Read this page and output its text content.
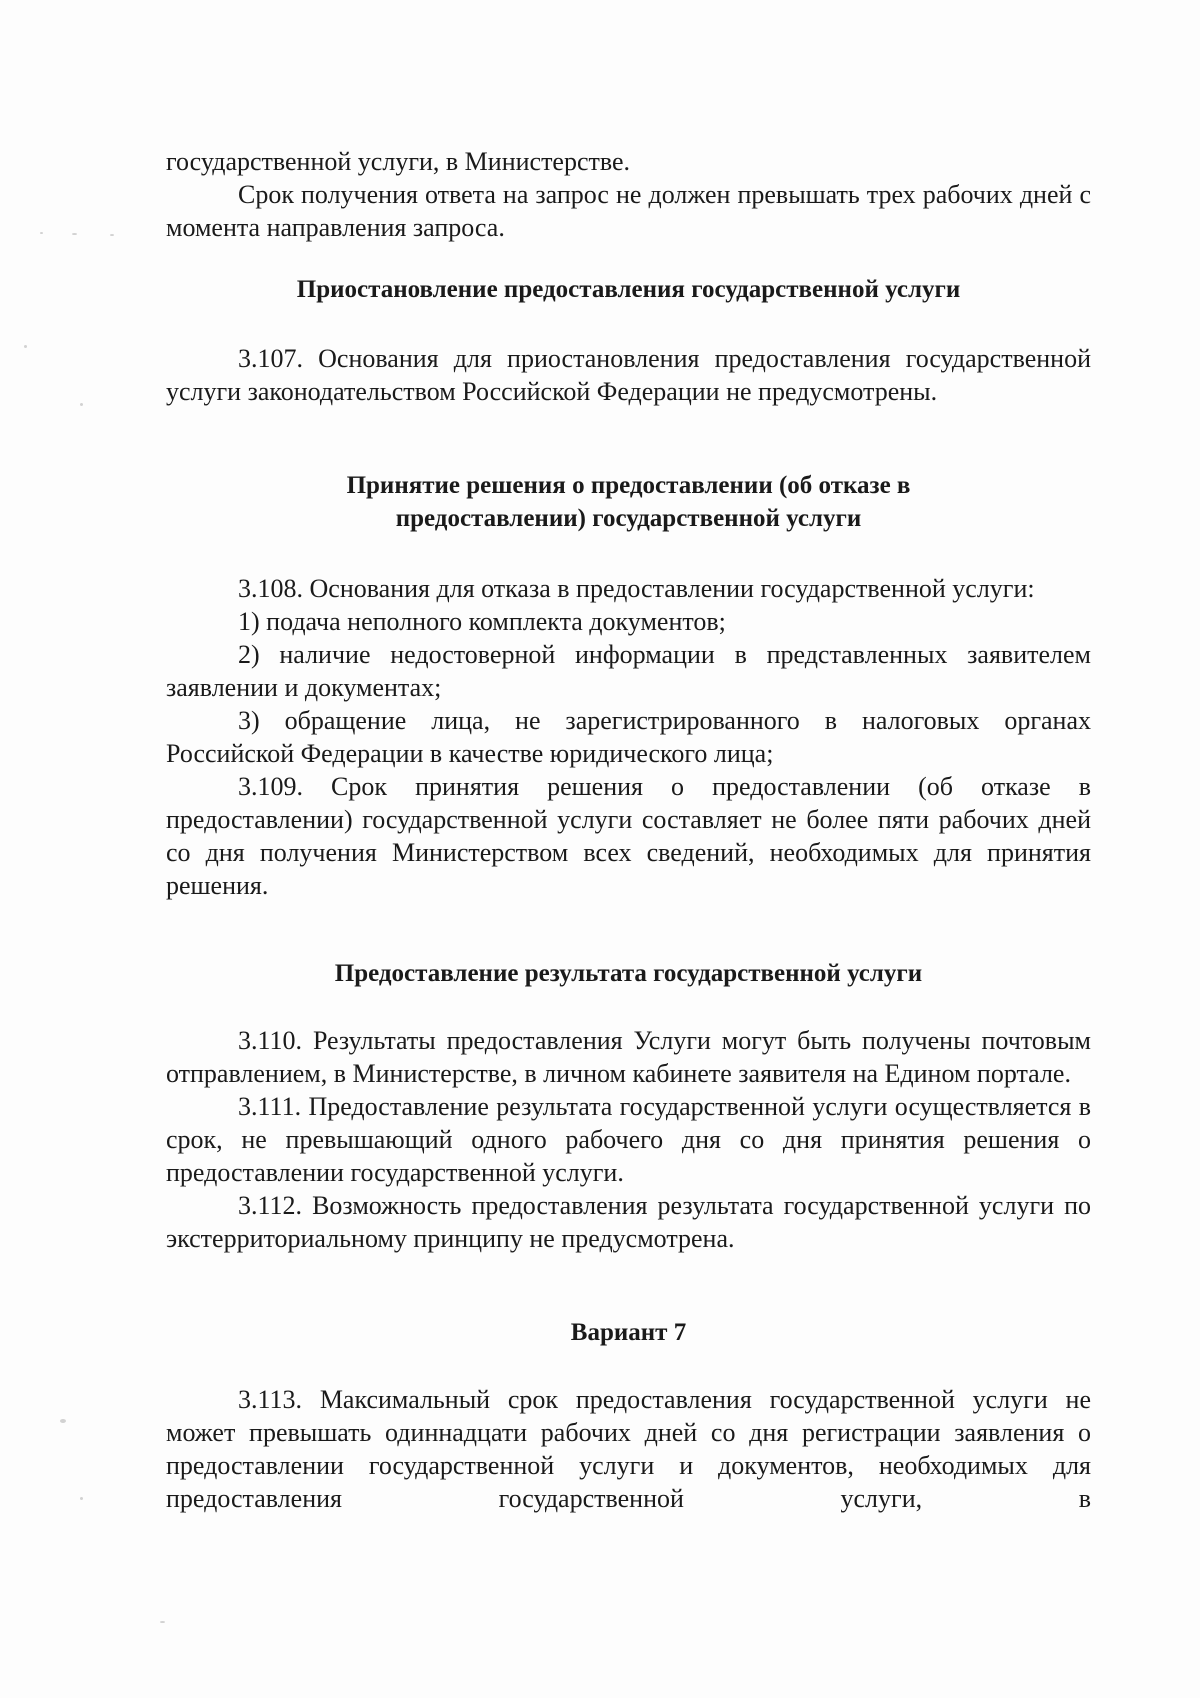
государственной услуги, в Министерстве.

Срок получения ответа на запрос не должен превышать трех рабочих дней с момента направления запроса.

Приостановление предоставления государственной услуги

3.107. Основания для приостановления предоставления государственной услуги законодательством Российской Федерации не предусмотрены.

Принятие решения о предоставлении (об отказе в
предоставлении) государственной услуги

3.108. Основания для отказа в предоставлении государственной услуги:

1) подача неполного комплекта документов;

2) наличие недостоверной информации в представленных заявителем заявлении и документах;

3) обращение лица, не зарегистрированного в налоговых органах Российской Федерации в качестве юридического лица;

3.109. Срок принятия решения о предоставлении (об отказе в предоставлении) государственной услуги составляет не более пяти рабочих дней со дня получения Министерством всех сведений, необходимых для принятия решения.

Предоставление результата государственной услуги

3.110. Результаты предоставления Услуги могут быть получены почтовым отправлением, в Министерстве, в личном кабинете заявителя на Едином портале.

3.111. Предоставление результата государственной услуги осуществляется в срок, не превышающий одного рабочего дня со дня принятия решения о предоставлении государственной услуги.

3.112. Возможность предоставления результата государственной услуги по экстерриториальному принципу не предусмотрена.

Вариант 7

3.113. Максимальный срок предоставления государственной услуги не может превышать одиннадцати рабочих дней со дня регистрации заявления о предоставлении государственной услуги и документов, необходимых для предоставления государственной услуги, в
